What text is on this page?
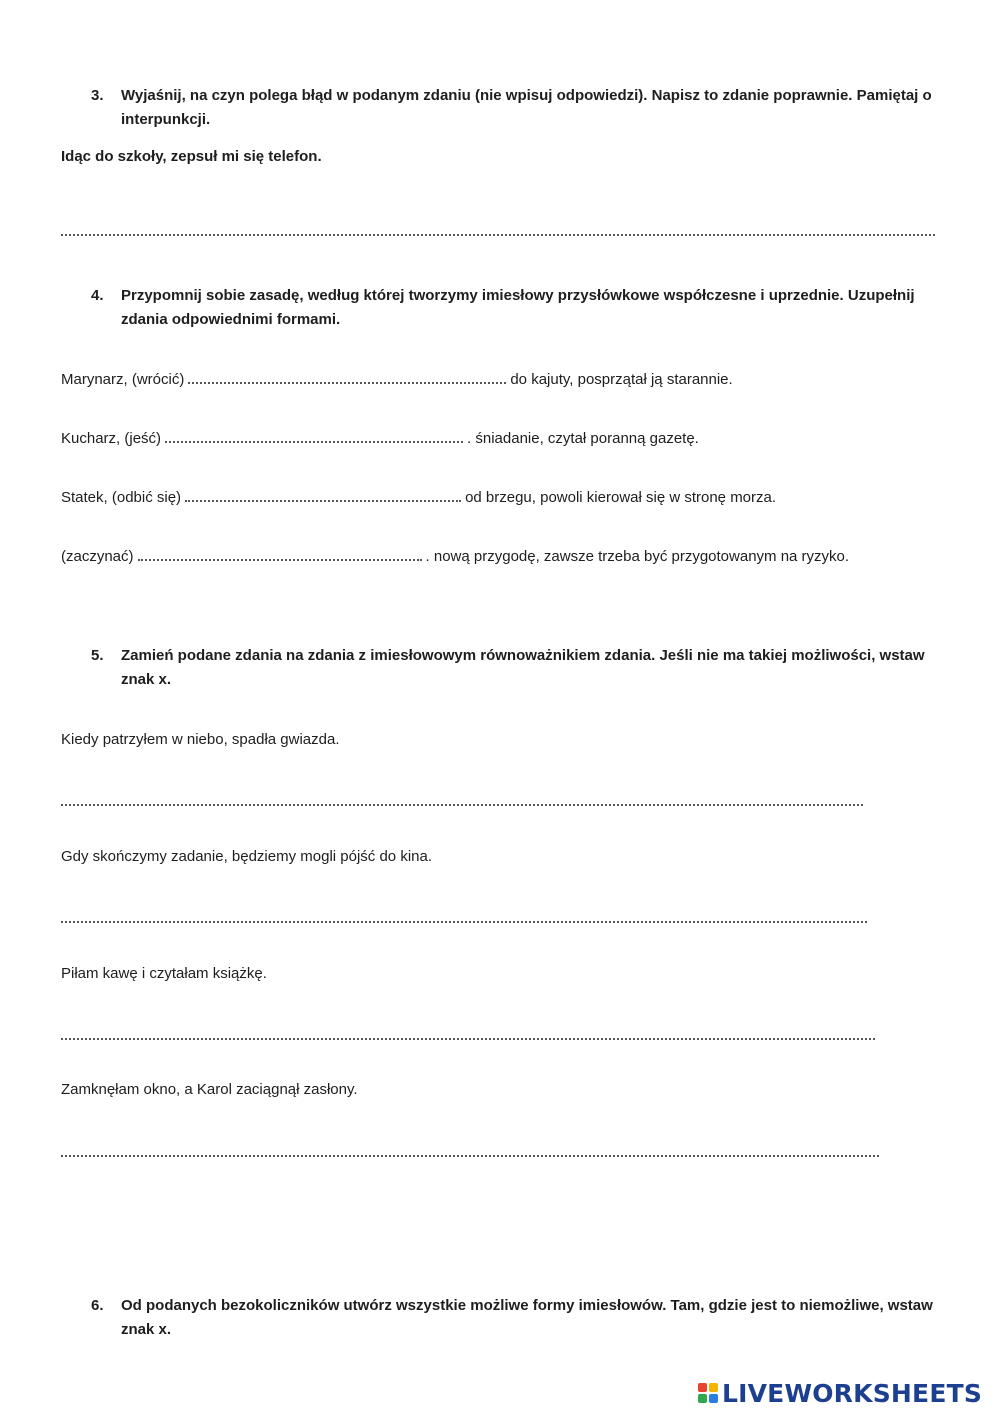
3.	Wyjaśnij, na czyn polega błąd w podanym zdaniu (nie wpisuj odpowiedzi). Napisz to zdanie poprawnie. Pamiętaj o interpunkcji.
Idąc do szkoły, zepsuł mi się telefon.
4.	Przypomnij sobie zasadę, według której tworzymy imiesłowy przysłówkowe współczesne i uprzednie. Uzupełnij zdania odpowiednimi formami.
Marynarz, (wrócić)	do kajuty, posprzątał ją starannie.
Kucharz, (jeść)	. śniadanie, czytał poranną gazetę.
Statek, (odbić się)	od brzegu, powoli kierował się w stronę morza.
(zaczynać)	. nową przygodę, zawsze trzeba być przygotowanym na ryzyko.
5.	Zamień podane zdania na zdania z imiesłowowym równoważnikiem zdania. Jeśli nie ma takiej możliwości, wstaw znak x.
Kiedy patrzyłem w niebo, spadła gwiazda.
Gdy skończymy zadanie, będziemy mogli pójść do kina.
Piłam kawę i czytałam książkę.
Zamknęłam okno, a Karol zaciągnął zasłony.
6.	Od podanych bezokoliczników utwórz wszystkie możliwe formy imiesłowów. Tam, gdzie jest to niemożliwe, wstaw znak x.
LIVEWORKSHEETS
